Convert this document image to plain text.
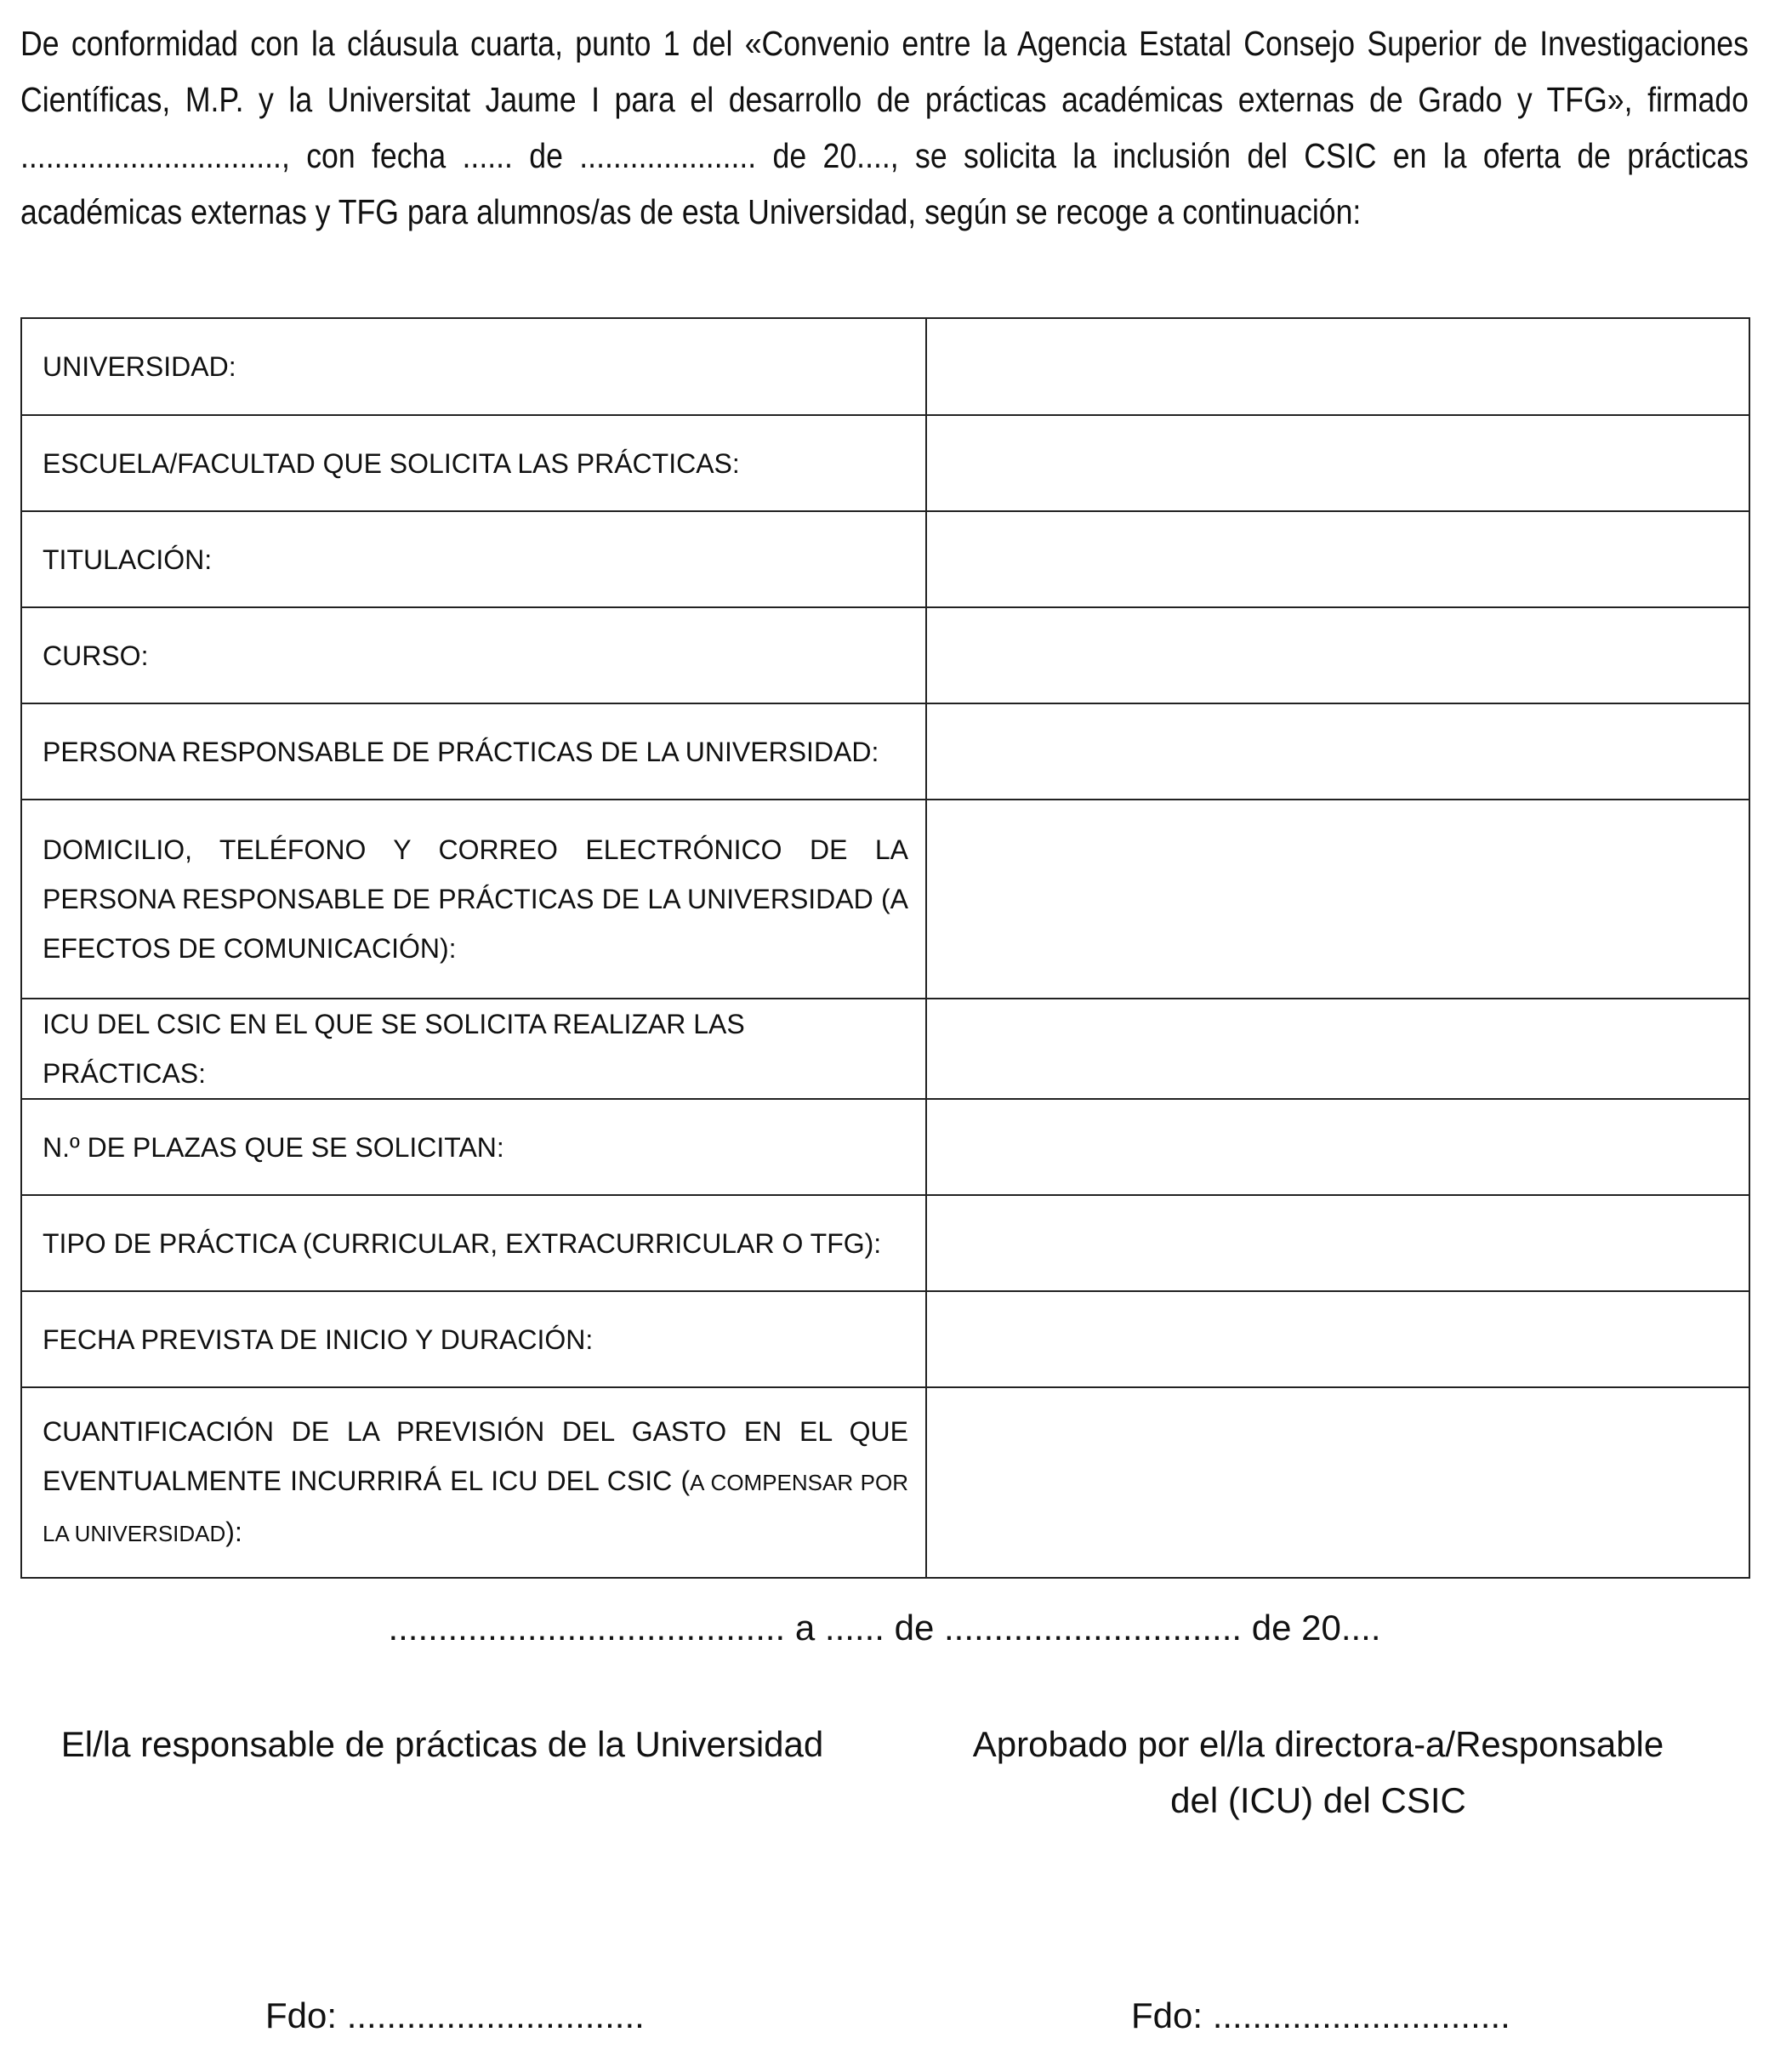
De conformidad con la cláusula cuarta, punto 1 del «Convenio entre la Agencia Estatal Consejo Superior de Investigaciones Científicas, M.P. y la Universitat Jaume I para el desarrollo de prácticas académicas externas de Grado y TFG», firmado ..............................., con fecha ...... de ..................... de 20...., se solicita la inclusión del CSIC en la oferta de prácticas académicas externas y TFG para alumnos/as de esta Universidad, según se recoge a continuación:
UNIVERSIDAD:	

ESCUELA/FACULTAD QUE SOLICITA LAS PRÁCTICAS:	

TITULACIÓN:	

CURSO:	

PERSONA RESPONSABLE DE PRÁCTICAS DE LA UNIVERSIDAD:	

DOMICILIO, TELÉFONO Y CORREO ELECTRÓNICO DE LA PERSONA RESPONSABLE DE PRÁCTICAS DE LA UNIVERSIDAD (A EFECTOS DE COMUNICACIÓN):	

ICU DEL CSIC EN EL QUE SE SOLICITA REALIZAR LAS PRÁCTICAS:	

N.º DE PLAZAS QUE SE SOLICITAN:	

TIPO DE PRÁCTICA (CURRICULAR, EXTRACURRICULAR O TFG):	

FECHA PREVISTA DE INICIO Y DURACIÓN:	

CUANTIFICACIÓN DE LA PREVISIÓN DEL GASTO EN EL QUE EVENTUALMENTE INCURRIRÁ EL ICU DEL CSIC (A COMPENSAR POR LA UNIVERSIDAD):	

........................................ a ...... de .............................. de 20....
El/la responsable de prácticas de la Universidad	Aprobado por el/la directora-a/Responsable
del (ICU) del CSIC
Fdo: ..............................	Fdo: ..............................
